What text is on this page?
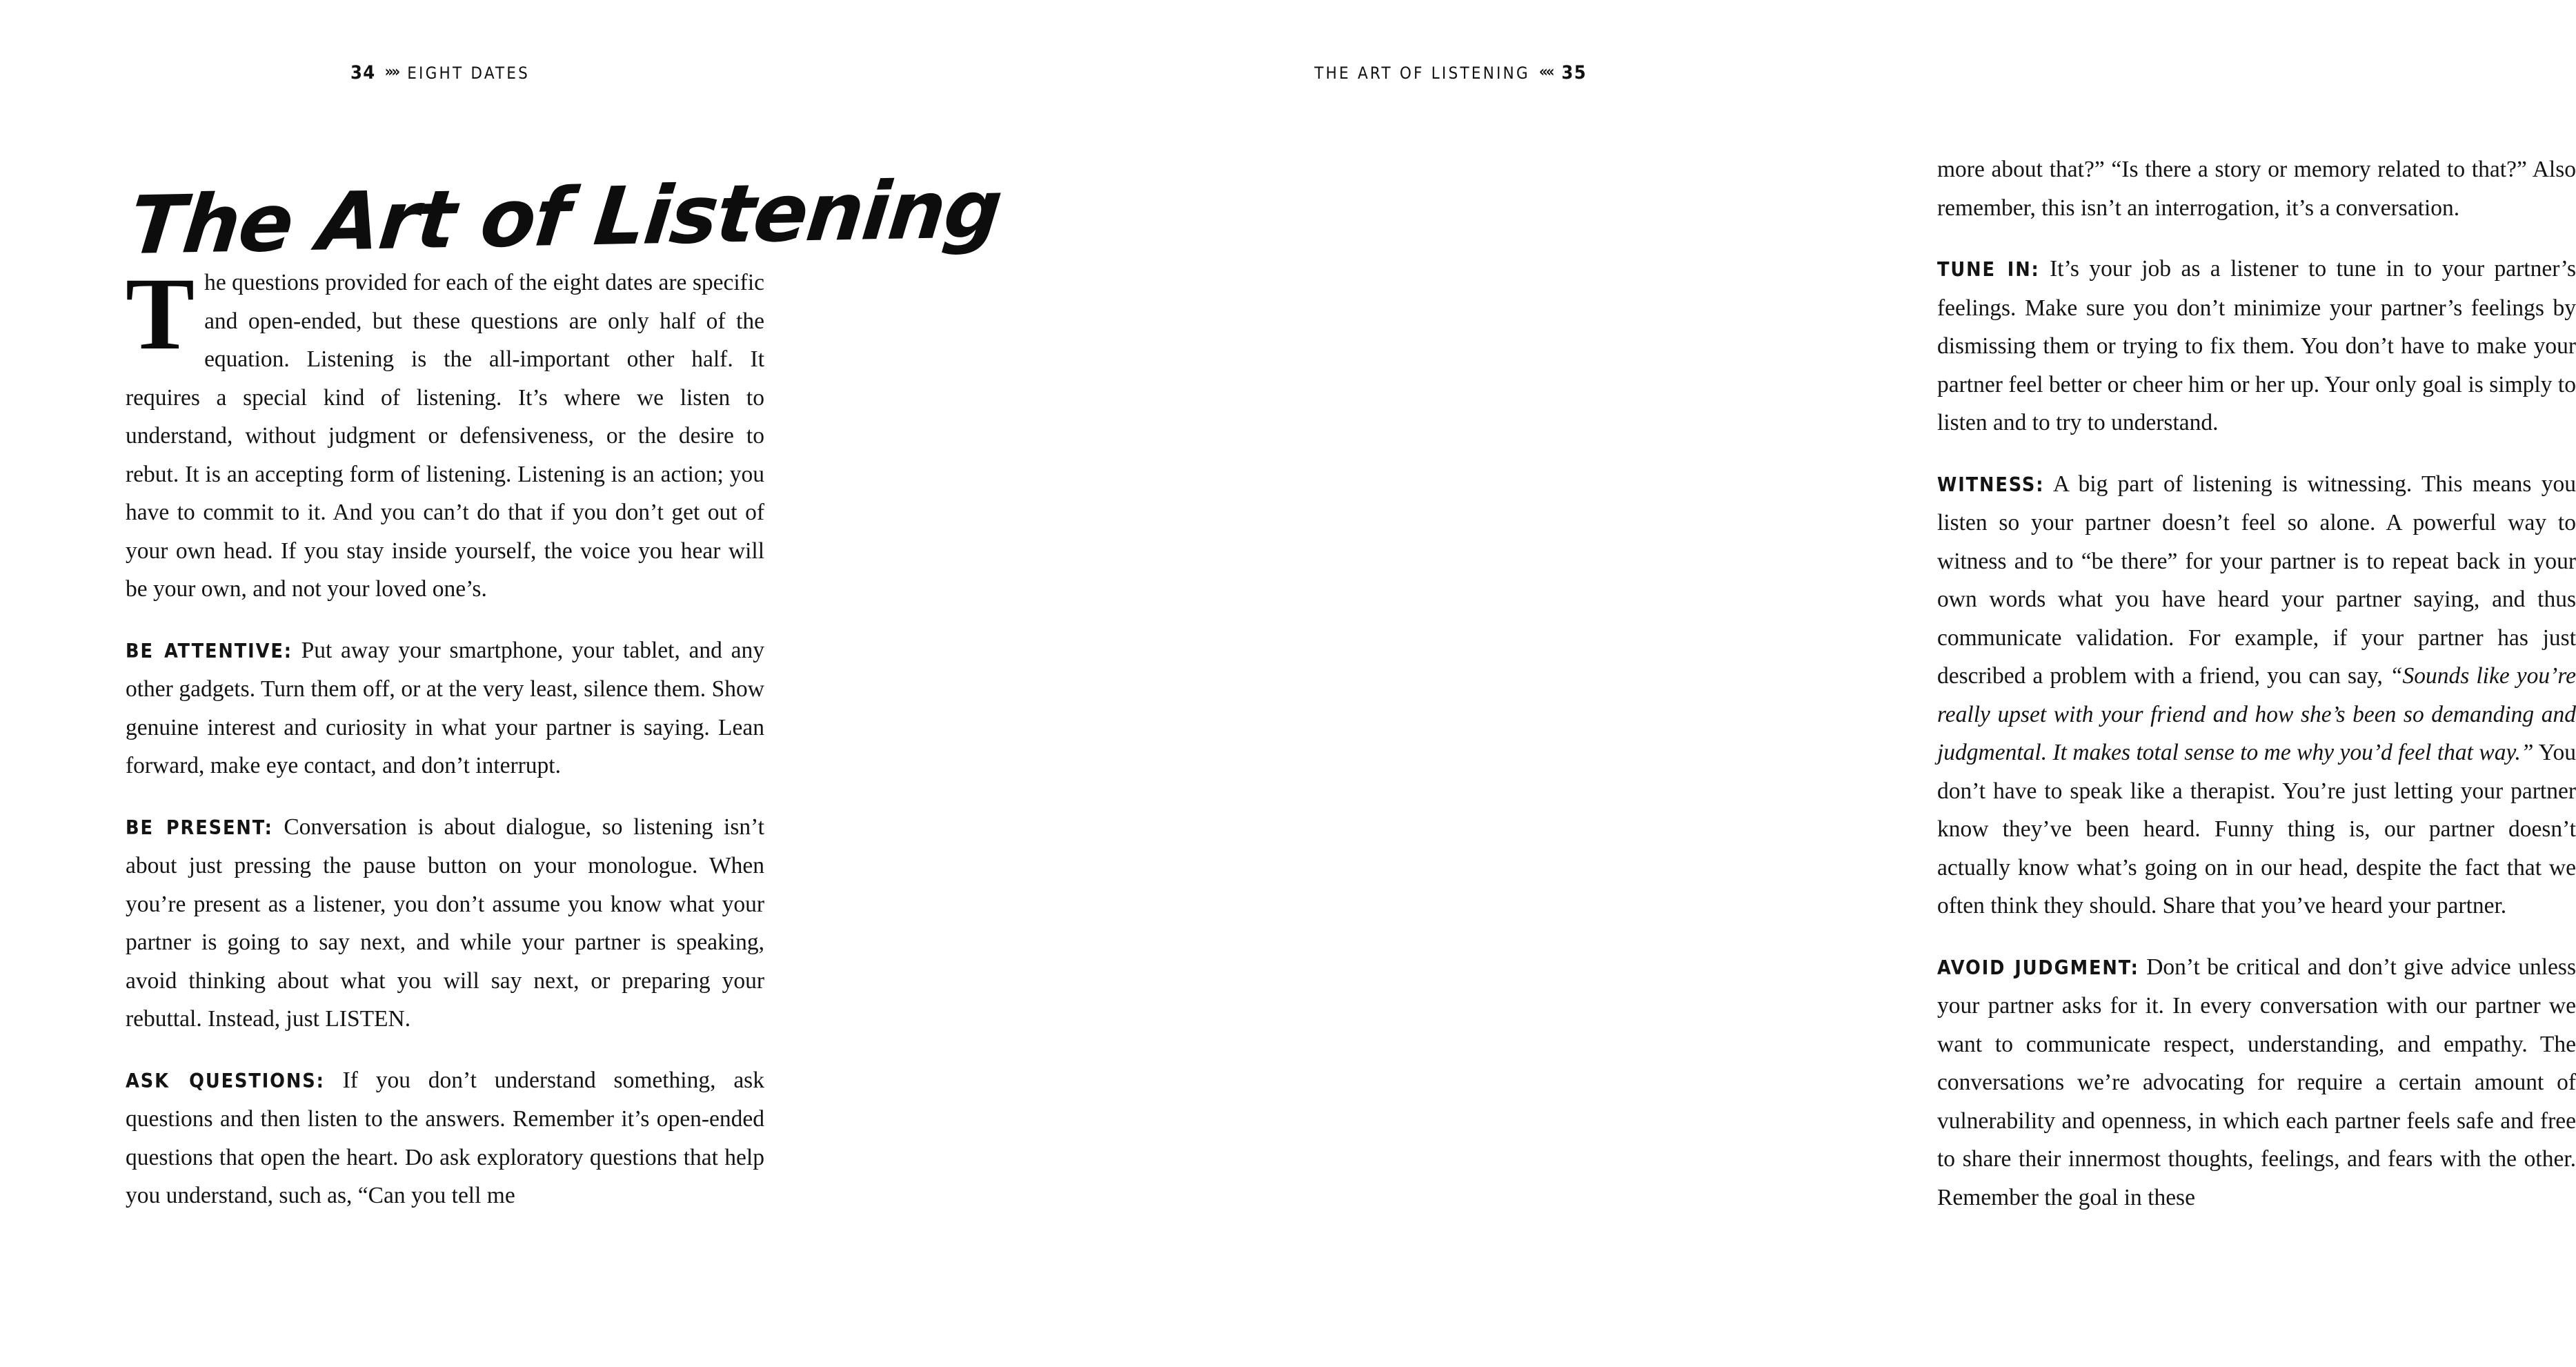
34 »» EIGHT DATES
The Art of Listening

The questions provided for each of the eight dates are specific and open-ended, but these questions are only half of the equation. Listening is the all-important other half. It requires a special kind of listening. It’s where we listen to understand, without judgment or defensiveness, or the desire to rebut. It is an accepting form of listening. Listening is an action; you have to commit to it. And you can’t do that if you don’t get out of your own head. If you stay inside yourself, the voice you hear will be your own, and not your loved one’s.

BE ATTENTIVE: Put away your smartphone, your tablet, and any other gadgets. Turn them off, or at the very least, silence them. Show genuine interest and curiosity in what your partner is saying. Lean forward, make eye contact, and don’t interrupt.

BE PRESENT: Conversation is about dialogue, so listening isn’t about just pressing the pause button on your monologue. When you’re present as a listener, you don’t assume you know what your partner is going to say next, and while your partner is speaking, avoid thinking about what you will say next, or preparing your rebuttal. Instead, just LISTEN.

ASK QUESTIONS: If you don’t understand something, ask questions and then listen to the answers. Remember it’s open-ended questions that open the heart. Do ask exploratory questions that help you understand, such as, “Can you tell me

THE ART OF LISTENING «« 35

more about that?” “Is there a story or memory related to that?” Also remember, this isn’t an interrogation, it’s a conversation.

TUNE IN: It’s your job as a listener to tune in to your partner’s feelings. Make sure you don’t minimize your partner’s feelings by dismissing them or trying to fix them. You don’t have to make your partner feel better or cheer him or her up. Your only goal is simply to listen and to try to understand.

WITNESS: A big part of listening is witnessing. This means you listen so your partner doesn’t feel so alone. A powerful way to witness and to “be there” for your partner is to repeat back in your own words what you have heard your partner saying, and thus communicate validation. For example, if your partner has just described a problem with a friend, you can say, “Sounds like you’re really upset with your friend and how she’s been so demanding and judgmental. It makes total sense to me why you’d feel that way.” You don’t have to speak like a therapist. You’re just letting your partner know they’ve been heard. Funny thing is, our partner doesn’t actually know what’s going on in our head, despite the fact that we often think they should. Share that you’ve heard your partner.

AVOID JUDGMENT: Don’t be critical and don’t give advice unless your partner asks for it. In every conversation with our partner we want to communicate respect, understanding, and empathy. The conversations we’re advocating for require a certain amount of vulnerability and openness, in which each partner feels safe and free to share their innermost thoughts, feelings, and fears with the other. Remember the goal in these
